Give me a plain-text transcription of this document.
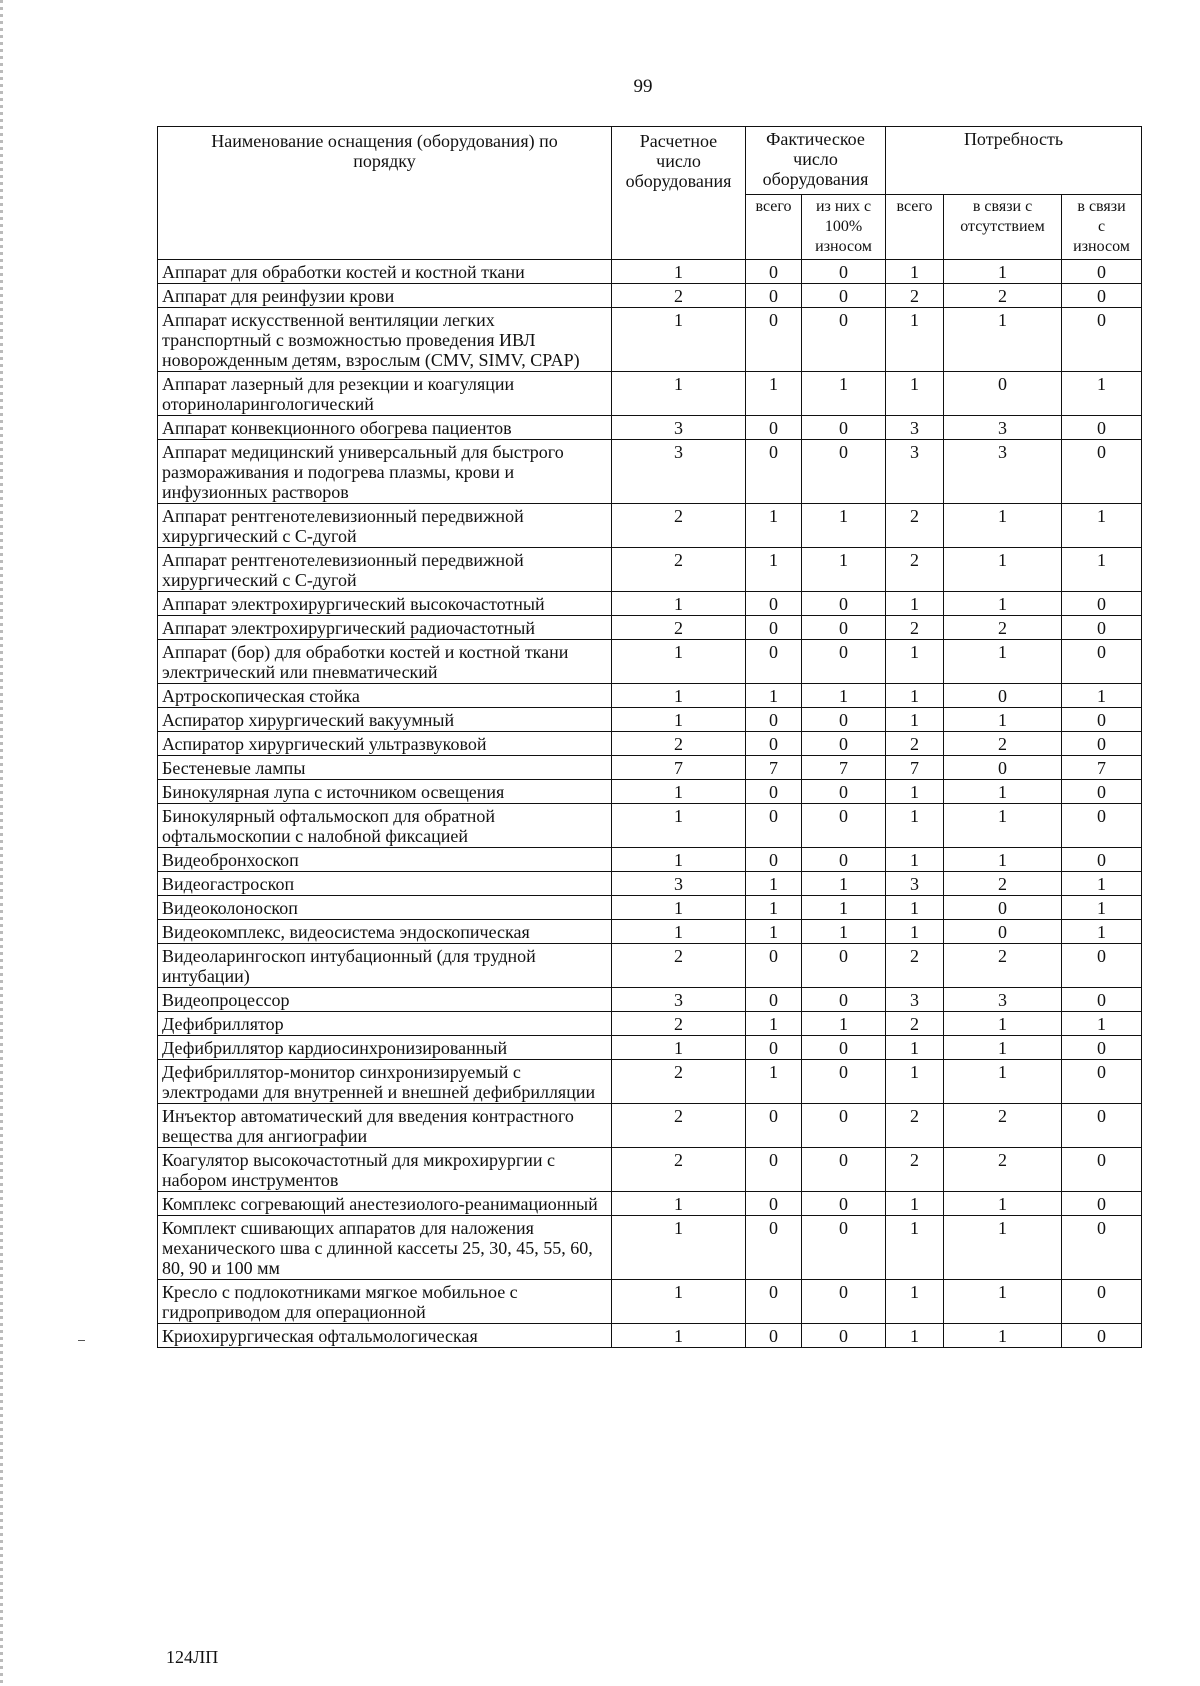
99
Наименование оснащения (оборудования) по порядку	Расчетное число оборудования	Фактическое число оборудования		Потребность		
		всего	из них с 100% износом	всего	в связи с отсутствием	в связи с износом
Аппарат для обработки костей и костной ткани	1	0	0	1	1	0
Аппарат для реинфузии крови	2	0	0	2	2	0
Аппарат искусственной вентиляции легких транспортный с возможностью проведения ИВЛ новорожденным детям, взрослым (CMV, SIMV, CPAP)	1	0	0	1	1	0
Аппарат лазерный для резекции и коагуляции оториноларингологический	1	1	1	1	0	1
Аппарат конвекционного обогрева пациентов	3	0	0	3	3	0
Аппарат медицинский универсальный для быстрого размораживания и подогрева плазмы, крови и инфузионных растворов	3	0	0	3	3	0
Аппарат рентгенотелевизионный передвижной хирургический с С-дугой	2	1	1	2	1	1
Аппарат рентгенотелевизионный передвижной хирургический с С-дугой	2	1	1	2	1	1
Аппарат электрохирургический высокочастотный	1	0	0	1	1	0
Аппарат электрохирургический радиочастотный	2	0	0	2	2	0
Аппарат (бор) для обработки костей и костной ткани электрический или пневматический	1	0	0	1	1	0
Артроскопическая стойка	1	1	1	1	0	1
Аспиратор хирургический вакуумный	1	0	0	1	1	0
Аспиратор хирургический ультразвуковой	2	0	0	2	2	0
Бестеневые лампы	7	7	7	7	0	7
Бинокулярная лупа с источником освещения	1	0	0	1	1	0
Бинокулярный офтальмоскоп для обратной офтальмоскопии с налобной фиксацией	1	0	0	1	1	0
Видеобронхоскоп	1	0	0	1	1	0
Видеогастроскоп	3	1	1	3	2	1
Видеоколоноскоп	1	1	1	1	0	1
Видеокомплекс, видеосистема эндоскопическая	1	1	1	1	0	1
Видеоларингоскоп интубационный (для трудной интубации)	2	0	0	2	2	0
Видеопроцессор	3	0	0	3	3	0
Дефибриллятор	2	1	1	2	1	1
Дефибриллятор кардиосинхронизированный	1	0	0	1	1	0
Дефибриллятор-монитор синхронизируемый с электродами для внутренней и внешней дефибрилляции	2	1	0	1	1	0
Инъектор автоматический для введения контрастного вещества для ангиографии	2	0	0	2	2	0
Коагулятор высокочастотный для микрохирургии с набором инструментов	2	0	0	2	2	0
Комплекс согревающий анестезиолого-реанимационный	1	0	0	1	1	0
Комплект сшивающих аппаратов для наложения механического шва с длинной кассеты 25, 30, 45, 55, 60, 80, 90 и 100 мм	1	0	0	1	1	0
Кресло с подлокотниками мягкое мобильное с гидроприводом для операционной	1	0	0	1	1	0
Криохирургическая офтальмологическая	1	0	0	1	1	0
124ЛП
